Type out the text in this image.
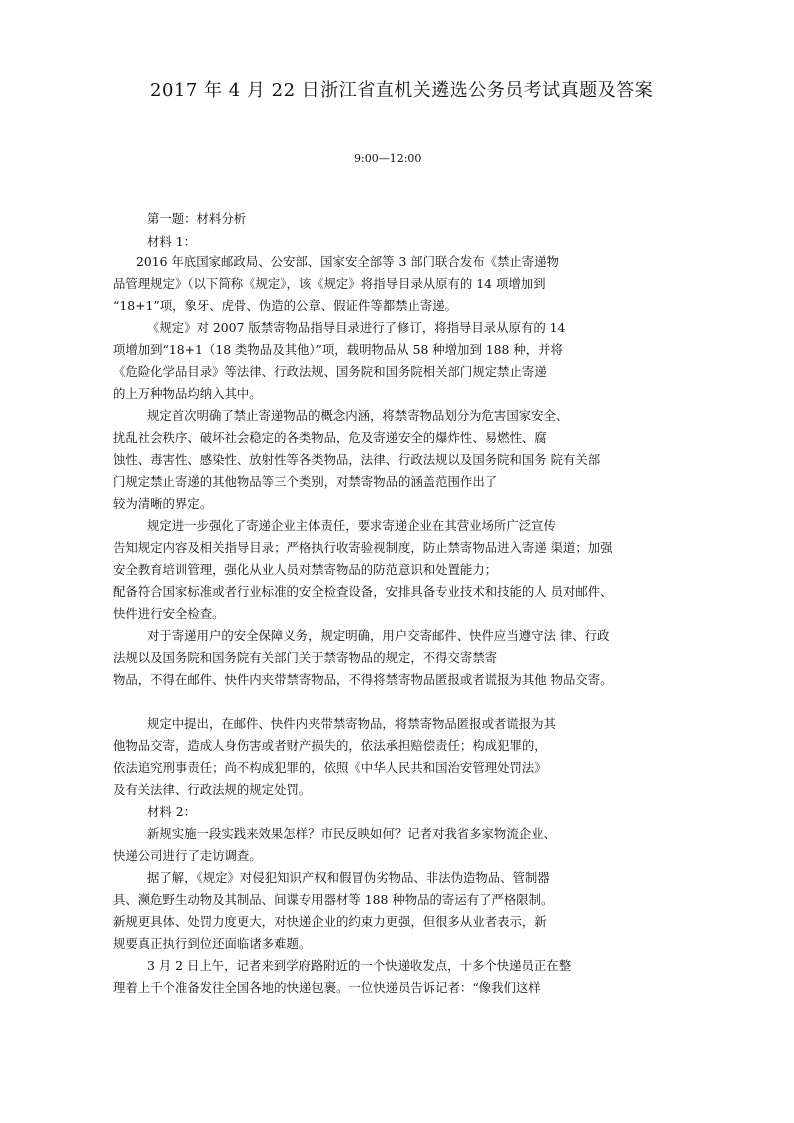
2017 年 4 月 22 日浙江省直机关遴选公务员考试真题及答案
9:00—12:00
第一题：材料分析
材料 1：
2016 年底国家邮政局、公安部、国家安全部等 3 部门联合发布《禁止寄递物
品管理规定》（以下简称《规定》，该《规定》将指导目录从原有的 14 项增加到
“18+1”项，象牙、虎骨、伪造的公章、假证件等都禁止寄递。
《规定》对 2007 版禁寄物品指导目录进行了修订，将指导目录从原有的 14
项增加到“18+1（18 类物品及其他）”项，载明物品从 58 种增加到 188 种，并将
《危险化学品目录》等法律、行政法规、国务院和国务院相关部门规定禁止寄递
的上万种物品均纳入其中。
规定首次明确了禁止寄递物品的概念内涵，将禁寄物品划分为危害国家安全、
扰乱社会秩序、破坏社会稳定的各类物品，危及寄递安全的爆炸性、易燃性、腐
蚀性、毒害性、感染性、放射性等各类物品，法律、行政法规以及国务院和国务 院有关部
门规定禁止寄递的其他物品等三个类别，对禁寄物品的涵盖范围作出了
较为清晰的界定。
规定进一步强化了寄递企业主体责任，要求寄递企业在其营业场所广泛宣传
告知规定内容及相关指导目录；严格执行收寄验视制度，防止禁寄物品进入寄递 渠道；加强
安全教育培训管理，强化从业人员对禁寄物品的防范意识和处置能力；
配备符合国家标准或者行业标准的安全检查设备，安排具备专业技术和技能的人 员对邮件、
快件进行安全检查。
对于寄递用户的安全保障义务，规定明确，用户交寄邮件、快件应当遵守法 律、行政
法规以及国务院和国务院有关部门关于禁寄物品的规定，不得交寄禁寄
物品，不得在邮件、快件内夹带禁寄物品，不得将禁寄物品匿报或者谎报为其他 物品交寄。
规定中提出，在邮件、快件内夹带禁寄物品，将禁寄物品匿报或者谎报为其
他物品交寄，造成人身伤害或者财产损失的，依法承担赔偿责任；构成犯罪的，
依法追究刑事责任；尚不构成犯罪的，依照《中华人民共和国治安管理处罚法》
及有关法律、行政法规的规定处罚。
材料 2：
新规实施一段实践来效果怎样？市民反映如何？记者对我省多家物流企业、
快递公司进行了走访调查。
据了解，《规定》对侵犯知识产权和假冒伪劣物品、非法伪造物品、管制器
具、濒危野生动物及其制品、间谍专用器材等 188 种物品的寄运有了严格限制。
新规更具体、处罚力度更大，对快递企业的约束力更强，但很多从业者表示，新
规要真正执行到位还面临诸多难题。
3 月 2 日上午，记者来到学府路附近的一个快递收发点，十多个快递员正在整
理着上千个准备发往全国各地的快递包裹。一位快递员告诉记者：“像我们这样
